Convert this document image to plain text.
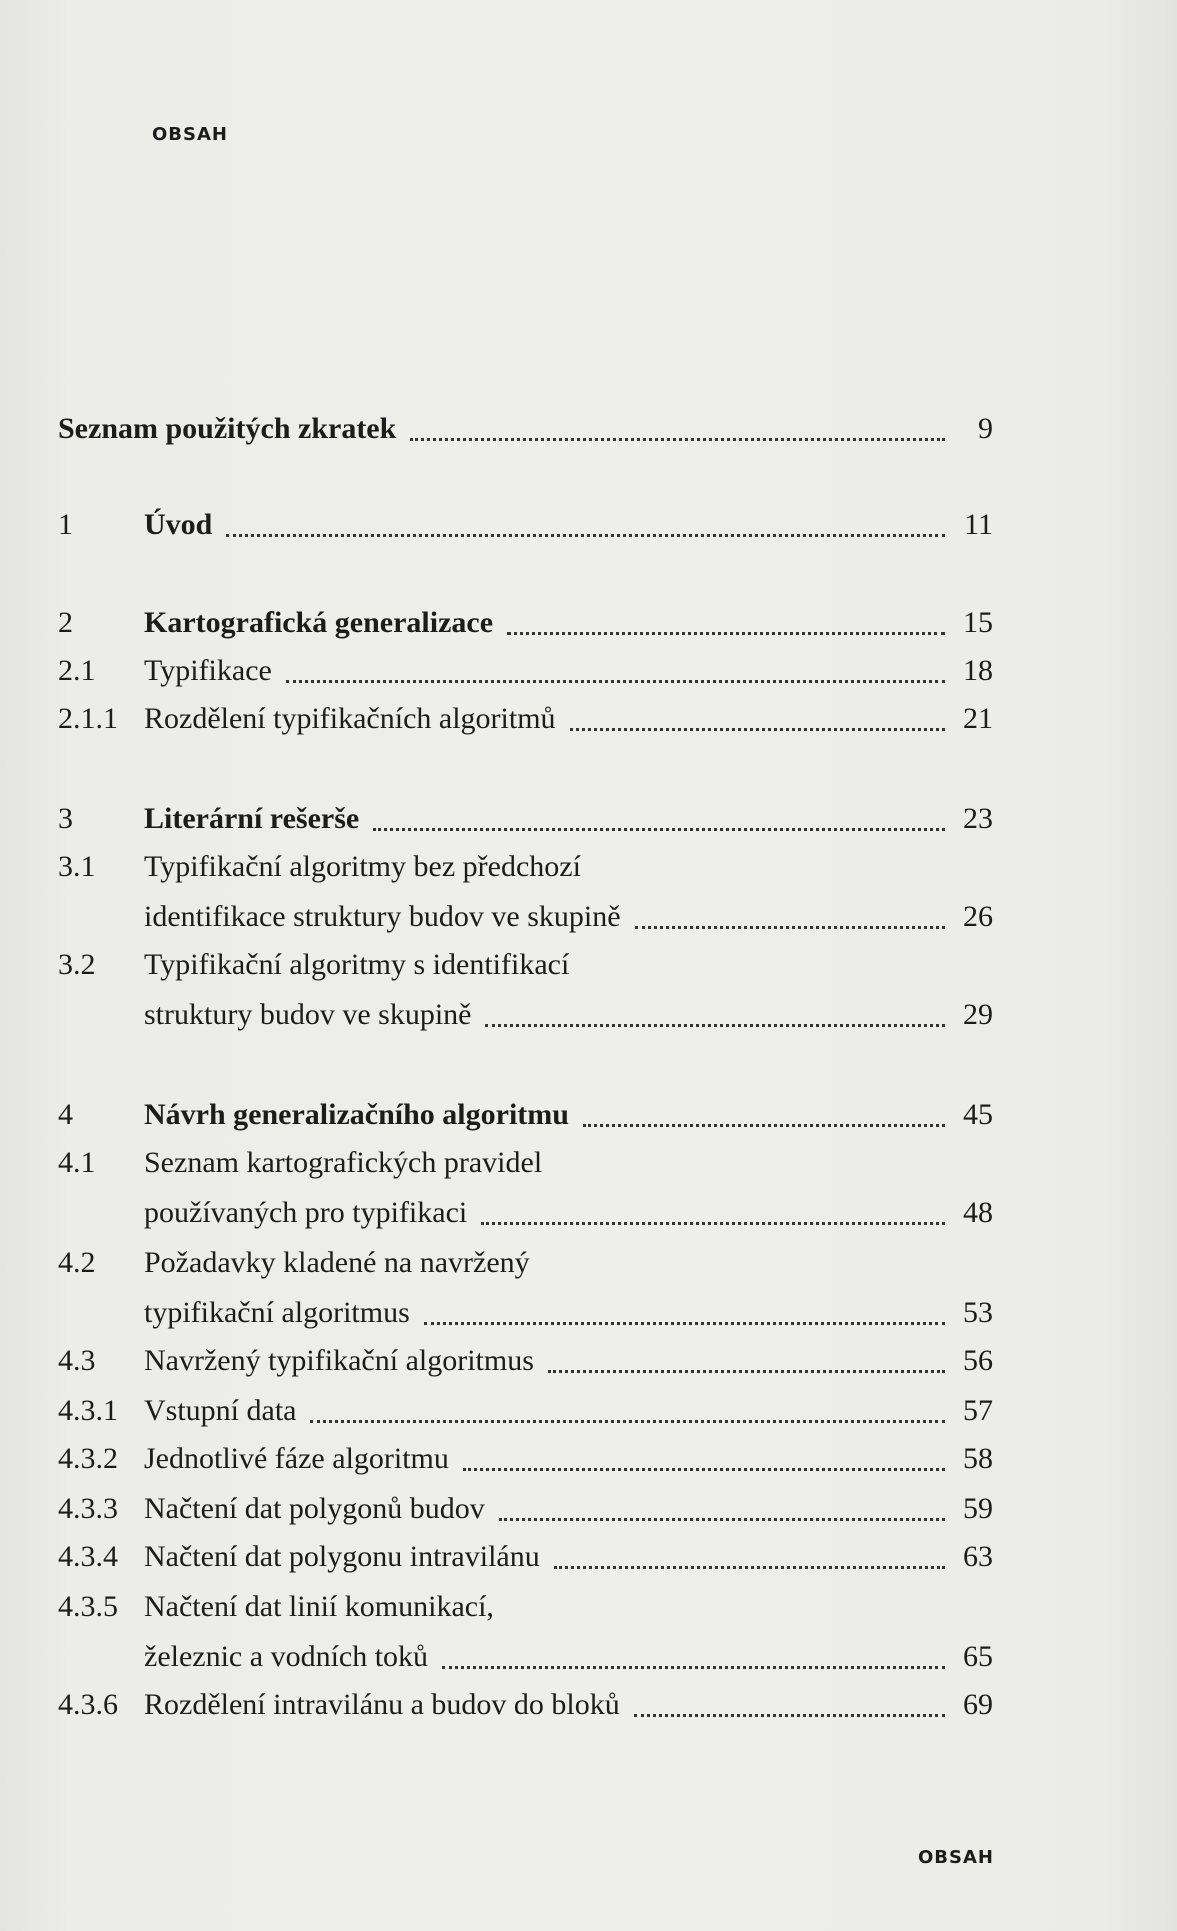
OBSAH
Seznam použitých zkratek	9
1	Úvod	11
2	Kartografická generalizace	15
2.1	Typifikace	18
2.1.1 Rozdělení typifikačních algoritmů	21
3	Literární rešerše	23
3.1	Typifikační algoritmy bez předchozí
identifikace struktury budov ve skupině	26
3.2	Typifikační algoritmy s identifikací
struktury budov ve skupině	29
4	Návrh generalizačního algoritmu	45
4.1	Seznam kartografických pravidel
používaných pro typifikaci	48
4.2	Požadavky kladené na navržený
typifikační algoritmus	53
4.3	Navržený typifikační algoritmus	56
4.3.1 Vstupní data	57
4.3.2 Jednotlivé fáze algoritmu	58
4.3.3 Načtení dat polygonů budov	59
4.3.4 Načtení dat polygonu intravilánu	63
4.3.5 Načtení dat linií komunikací,
železnic a vodních toků	65
4.3.6 Rozdělení intravilánu a budov do bloků	69
OBSAH
